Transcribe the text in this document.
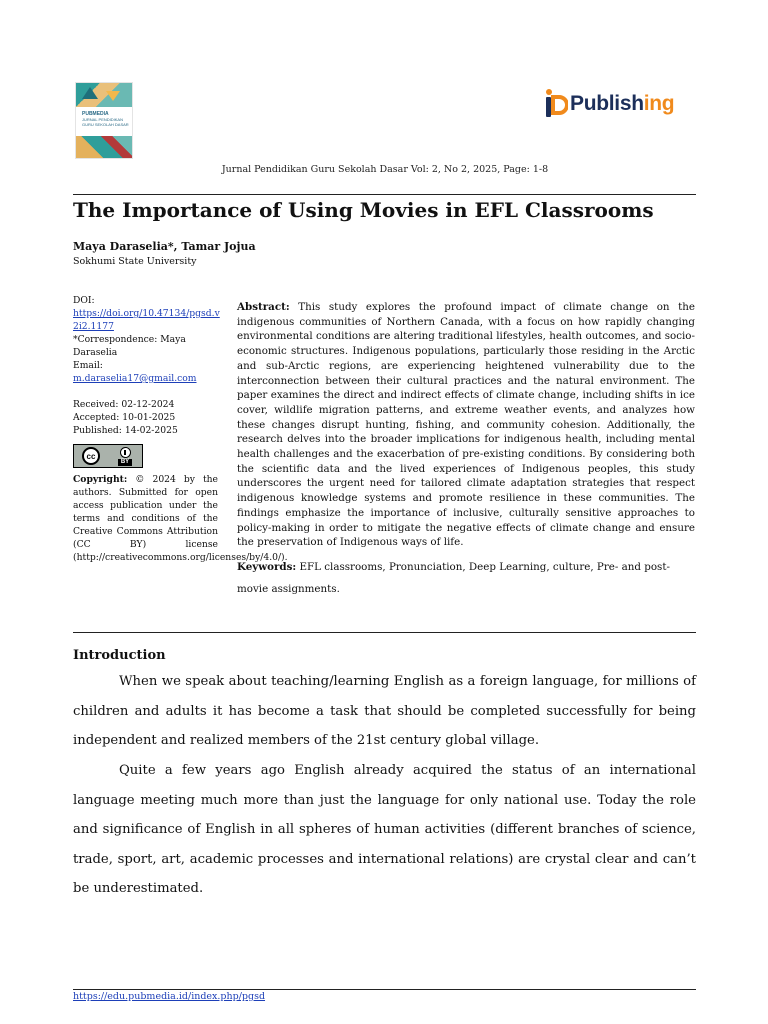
PUBMEDIA
JURNAL PENDIDIKAN GURU SEKOLAH DASAR
Publishing
Jurnal Pendidikan Guru Sekolah Dasar Vol: 2, No 2, 2025, Page: 1-8
The Importance of Using Movies in EFL Classrooms
Maya Daraselia*, Tamar Jojua
Sokhumi State University
DOI:
https://doi.org/10.47134/pgsd.v
2i2.1177
*Correspondence: Maya
Daraselia
Email:
m.daraselia17@gmail.com
Received: 02-12-2024
Accepted: 10-01-2025
Published: 14-02-2025
cc
BY
Copyright: © 2024 by the authors. Submitted for open access publication under the terms and conditions of the Creative Commons Attribution (CC BY) license (http://creativecommons.org/licenses/by/4.0/).
Abstract: This study explores the profound impact of climate change on the indigenous communities of Northern Canada, with a focus on how rapidly changing environmental conditions are altering traditional lifestyles, health outcomes, and socio-economic structures. Indigenous populations, particularly those residing in the Arctic and sub-Arctic regions, are experiencing heightened vulnerability due to the interconnection between their cultural practices and the natural environment. The paper examines the direct and indirect effects of climate change, including shifts in ice cover, wildlife migration patterns, and extreme weather events, and analyzes how these changes disrupt hunting, fishing, and community cohesion. Additionally, the research delves into the broader implications for indigenous health, including mental health challenges and the exacerbation of pre-existing conditions. By considering both the scientific data and the lived experiences of Indigenous peoples, this study underscores the urgent need for tailored climate adaptation strategies that respect indigenous knowledge systems and promote resilience in these communities. The findings emphasize the importance of inclusive, culturally sensitive approaches to policy-making in order to mitigate the negative effects of climate change and ensure the preservation of Indigenous ways of life.
Keywords: EFL classrooms, Pronunciation, Deep Learning, culture, Pre- and post-movie assignments.
Introduction
When we speak about teaching/learning English as a foreign language, for millions of children and adults it has become a task that should be completed successfully for being independent and realized members of the 21st century global village.
Quite a few years ago English already acquired the status of an international language meeting much more than just the language for only national use. Today the role and significance of English in all spheres of human activities (different branches of science, trade, sport, art, academic processes and international relations) are crystal clear and can’t be underestimated.
https://edu.pubmedia.id/index.php/pgsd
